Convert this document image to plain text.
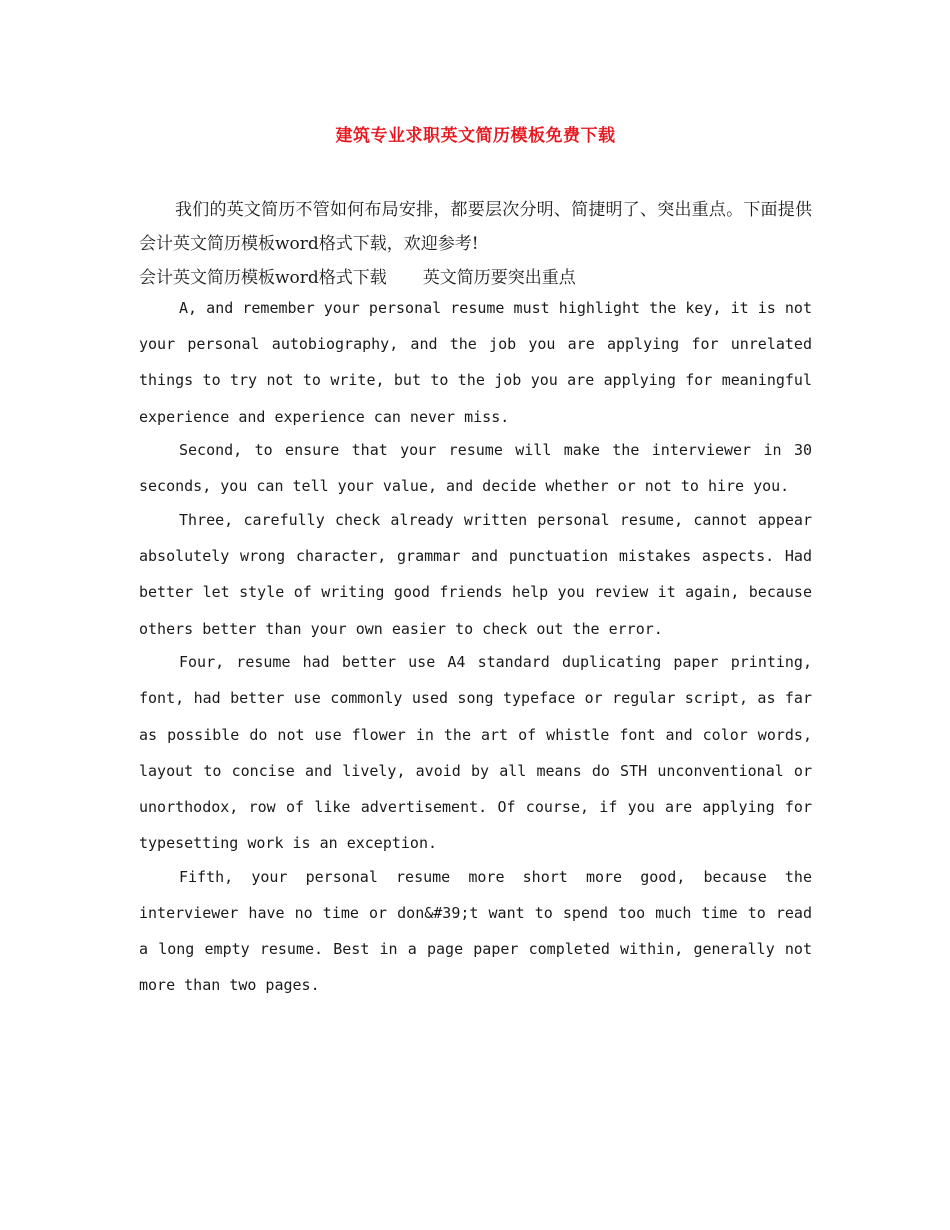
建筑专业求职英文简历模板免费下载

我们的英文简历不管如何布局安排，都要层次分明、简捷明了、突出重点。下面提供会计英文简历模板word格式下载，欢迎参考!

会计英文简历模板word格式下载 英文简历要突出重点

A, and remember your personal resume must highlight the key, it is not your personal autobiography, and the job you are applying for unrelated things to try not to write, but to the job you are applying for meaningful experience and experience can never miss.

Second, to ensure that your resume will make the interviewer in 30 seconds, you can tell your value, and decide whether or not to hire you.

Three, carefully check already written personal resume, cannot appear absolutely wrong character, grammar and punctuation mistakes aspects. Had better let style of writing good friends help you review it again, because others better than your own easier to check out the error.

Four, resume had better use A4 standard duplicating paper printing, font, had better use commonly used song typeface or regular script, as far as possible do not use flower in the art of whistle font and color words, layout to concise and lively, avoid by all means do STH unconventional or unorthodox, row of like advertisement. Of course, if you are applying for typesetting work is an exception.

Fifth, your personal resume more short more good, because the interviewer have no time or don&#39;t want to spend too much time to read a long empty resume. Best in a page paper completed within, generally not more than two pages.
